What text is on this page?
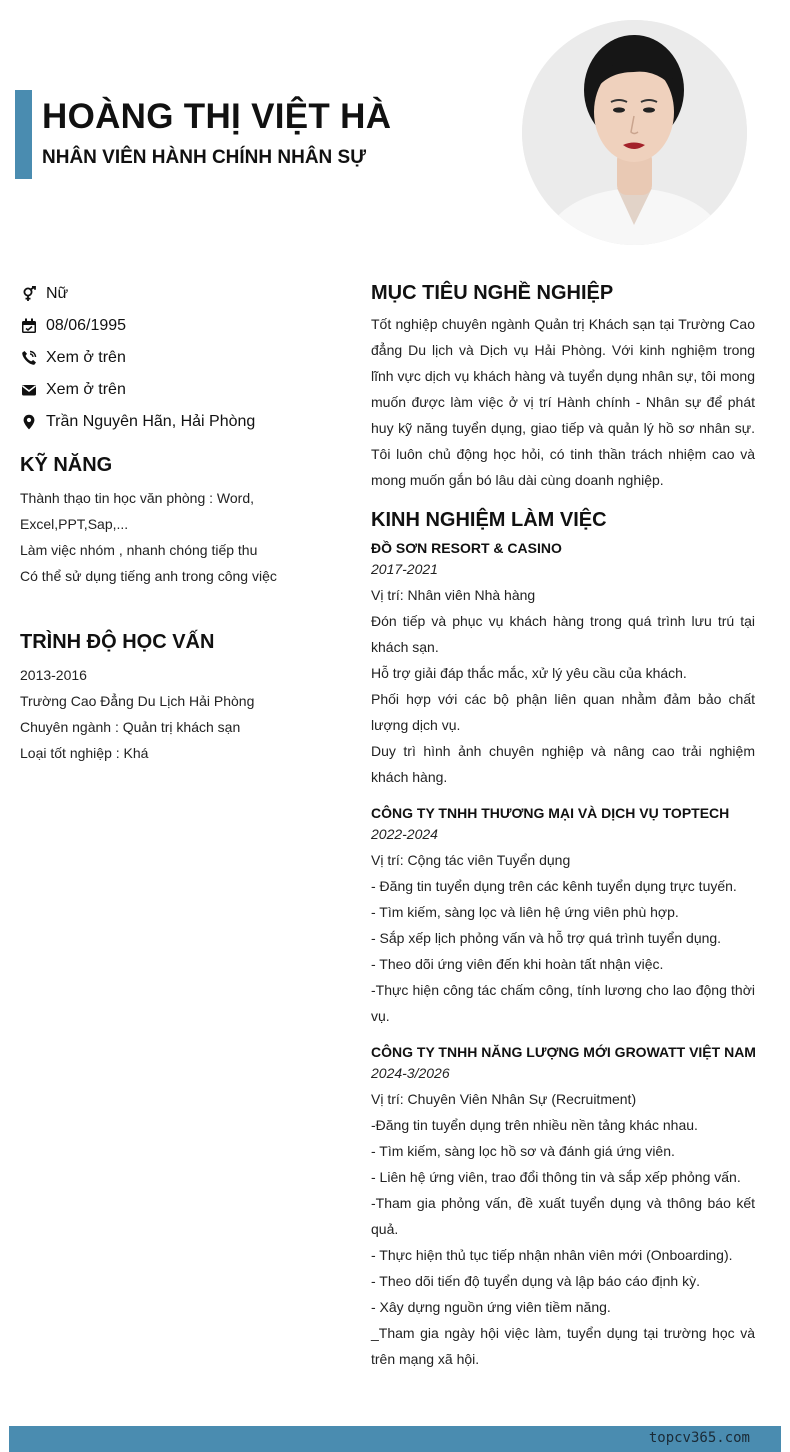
HOÀNG THỊ VIỆT HÀ
NHÂN VIÊN HÀNH CHÍNH NHÂN SỰ
Nữ
08/06/1995
Xem ở trên
Xem ở trên
Trần Nguyên Hãn, Hải Phòng
KỸ NĂNG
Thành thạo tin học văn phòng : Word,
Excel,PPT,Sap,...
Làm việc nhóm , nhanh chóng tiếp thu
Có thể sử dụng tiếng anh trong công việc
TRÌNH ĐỘ HỌC VẤN
2013-2016
Trường Cao Đẳng Du Lịch Hải Phòng
Chuyên ngành : Quản trị khách sạn
Loại tốt nghiệp : Khá
MỤC TIÊU NGHỀ NGHIỆP
Tốt nghiệp chuyên ngành Quản trị Khách sạn tại Trường Cao đẳng Du lịch và Dịch vụ Hải Phòng. Với kinh nghiệm trong lĩnh vực dịch vụ khách hàng và tuyển dụng nhân sự, tôi mong muốn được làm việc ở vị trí Hành chính - Nhân sự để phát huy kỹ năng tuyển dụng, giao tiếp và quản lý hồ sơ nhân sự. Tôi luôn chủ động học hỏi, có tinh thần trách nhiệm cao và mong muốn gắn bó lâu dài cùng doanh nghiệp.
KINH NGHIỆM LÀM VIỆC
ĐỒ SƠN RESORT & CASINO
2017-2021
Vị trí: Nhân viên Nhà hàng
Đón tiếp và phục vụ khách hàng trong quá trình lưu trú tại khách sạn.
Hỗ trợ giải đáp thắc mắc, xử lý yêu cầu của khách.
Phối hợp với các bộ phận liên quan nhằm đảm bảo chất lượng dịch vụ.
Duy trì hình ảnh chuyên nghiệp và nâng cao trải nghiệm khách hàng.
CÔNG TY TNHH THƯƠNG MẠI VÀ DỊCH VỤ TOPTECH
2022-2024
Vị trí: Cộng tác viên Tuyển dụng
- Đăng tin tuyển dụng trên các kênh tuyển dụng trực tuyến.
- Tìm kiếm, sàng lọc và liên hệ ứng viên phù hợp.
- Sắp xếp lịch phỏng vấn và hỗ trợ quá trình tuyển dụng.
- Theo dõi ứng viên đến khi hoàn tất nhận việc.
-Thực hiện công tác chấm công, tính lương cho lao động thời vụ.
CÔNG TY TNHH NĂNG LƯỢNG MỚI GROWATT VIỆT NAM
2024-3/2026
Vị trí: Chuyên Viên Nhân Sự (Recruitment)
-Đăng tin tuyển dụng trên nhiều nền tảng khác nhau.
- Tìm kiếm, sàng lọc hồ sơ và đánh giá ứng viên.
- Liên hệ ứng viên, trao đổi thông tin và sắp xếp phỏng vấn.
-Tham gia phỏng vấn, đề xuất tuyển dụng và thông báo kết quả.
- Thực hiện thủ tục tiếp nhận nhân viên mới (Onboarding).
- Theo dõi tiến độ tuyển dụng và lập báo cáo định kỳ.
- Xây dựng nguồn ứng viên tiềm năng.
_Tham gia ngày hội việc làm, tuyển dụng tại trường học và trên mạng xã hội.
topcv365.com
